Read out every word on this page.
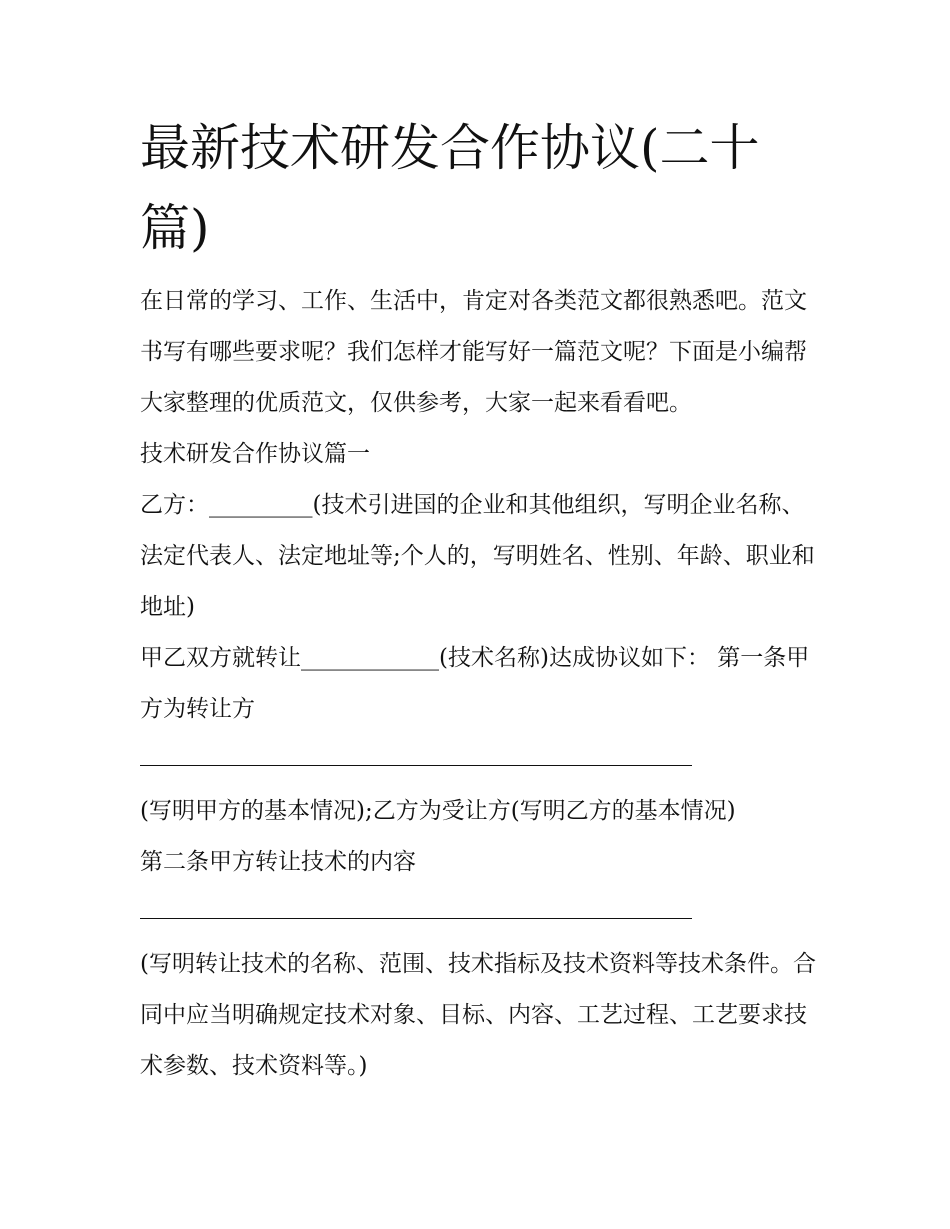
最新技术研发合作协议(二十篇)

在日常的学习、工作、生活中，肯定对各类范文都很熟悉吧。范文书写有哪些要求呢？我们怎样才能写好一篇范文呢？下面是小编帮大家整理的优质范文，仅供参考，大家一起来看看吧。

技术研发合作协议篇一

乙方：_________(技术引进国的企业和其他组织，写明企业名称、法定代表人、法定地址等;个人的，写明姓名、性别、年龄、职业和地址)

甲乙双方就转让____________(技术名称)达成协议如下： 第一条甲方为转让方

(写明甲方的基本情况);乙方为受让方(写明乙方的基本情况)

第二条甲方转让技术的内容

(写明转让技术的名称、范围、技术指标及技术资料等技术条件。合同中应当明确规定技术对象、目标、内容、工艺过程、工艺要求技术参数、技术资料等。)
